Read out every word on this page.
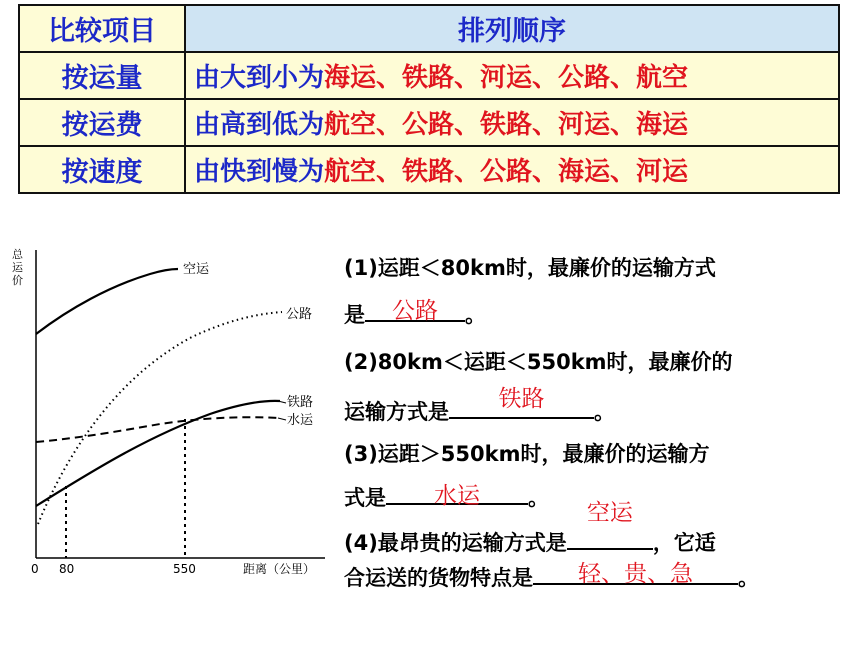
比较项目	排列顺序
按运量	由大到小为海运、铁路、河运、公路、航空
按运费	由高到低为航空、公路、铁路、河运、海运
按速度	由快到慢为航空、铁路、公路、海运、河运
总
运
价
空运
公路
铁路
水运
0 80	550	距离（公里）
(1)运距＜80km时，最廉价的运输方式
是	公路	。
(2)80km＜运距＜550km时，最廉价的
运输方式是	铁路	。
(3)运距＞550km时，最廉价的运输方
式是	水运	。
(4)最昂贵的运输方式是
空运
，它适
合运送的货物特点是	轻、贵、急	。
